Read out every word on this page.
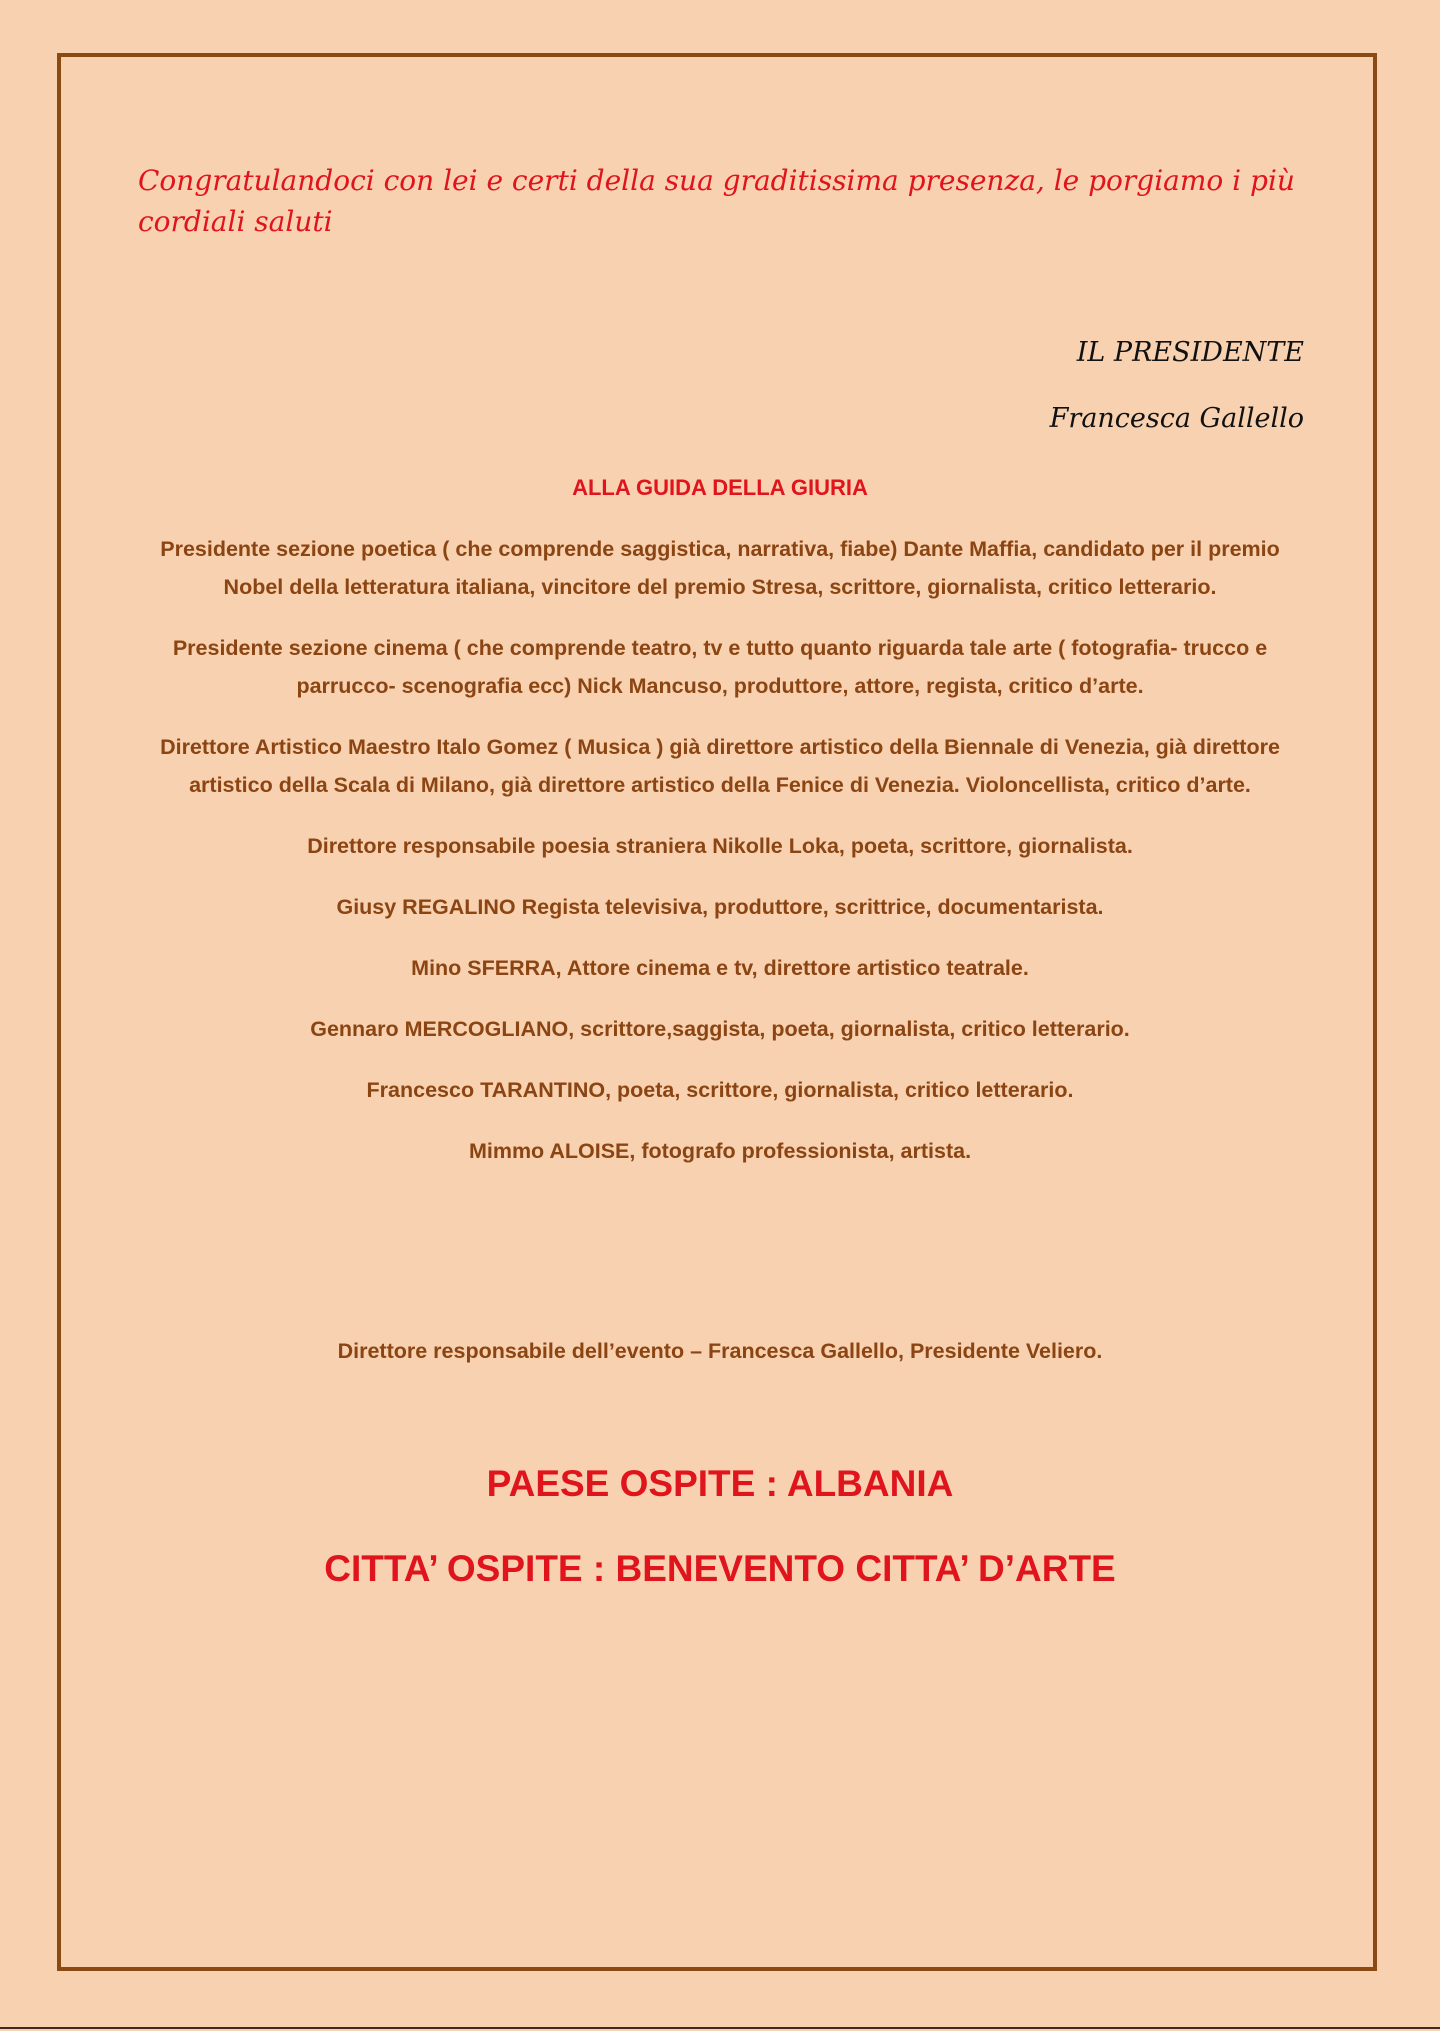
Congratulandoci con lei e certi della sua graditissima presenza, le porgiamo i più cordiali saluti

IL PRESIDENTE

Francesca Gallello

ALLA GUIDA DELLA GIURIA
Presidente sezione poetica ( che comprende saggistica, narrativa, fiabe) Dante Maffia, candidato per il premio Nobel della letteratura italiana, vincitore del premio Stresa, scrittore, giornalista, critico letterario.
Presidente sezione cinema ( che comprende teatro, tv e tutto quanto riguarda tale arte ( fotografia- trucco e parrucco- scenografia ecc) Nick Mancuso, produttore, attore, regista, critico d’arte.
Direttore Artistico Maestro Italo Gomez ( Musica ) già direttore artistico della Biennale di Venezia, già direttore artistico della Scala di Milano, già direttore artistico della Fenice di Venezia. Violoncellista, critico d’arte.
Direttore responsabile poesia straniera Nikolle Loka, poeta, scrittore, giornalista.
Giusy REGALINO Regista televisiva, produttore, scrittrice, documentarista.
Mino SFERRA, Attore cinema e tv, direttore artistico teatrale.
Gennaro MERCOGLIANO, scrittore,saggista, poeta, giornalista, critico letterario.
Francesco TARANTINO, poeta, scrittore, giornalista, critico letterario.
Mimmo ALOISE, fotografo professionista, artista.

Direttore responsabile dell’evento – Francesca Gallello, Presidente Veliero.

PAESE OSPITE : ALBANIA
CITTA’ OSPITE : BENEVENTO CITTA’ D’ARTE
